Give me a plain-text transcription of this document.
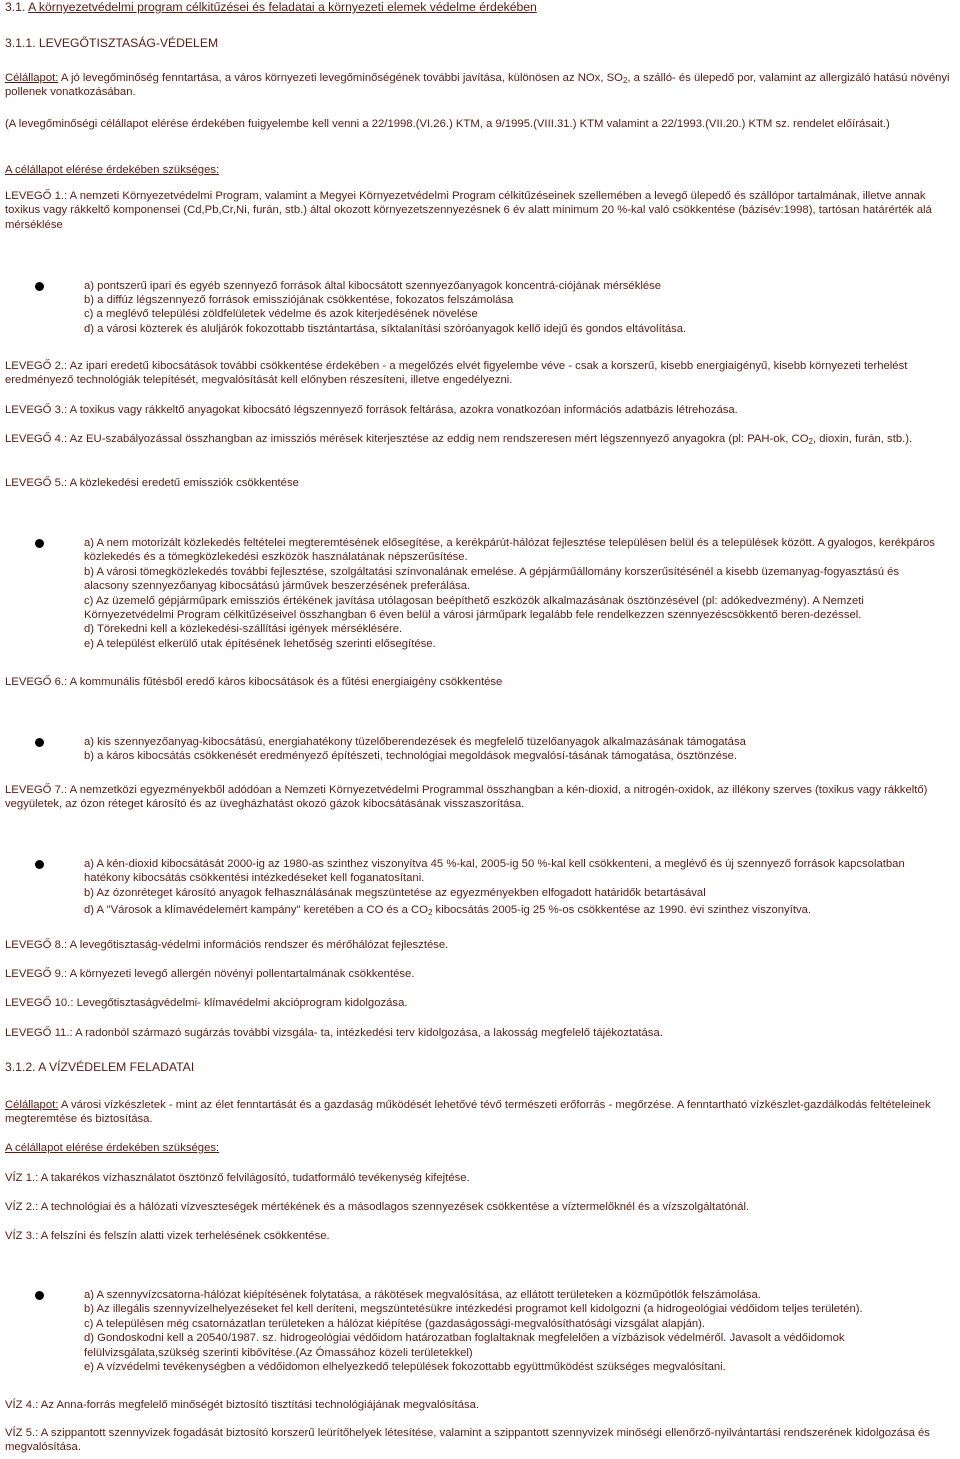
3.1. A környezetvédelmi program célkitűzései és feladatai a környezeti elemek védelme érdekében

3.1.1. LEVEGŐTISZTASÁG-VÉDELEM

Célállapot: A jó levegőminőség fenntartása, a város környezeti levegőminőségének további javítása, különösen az NOx, $SO_2$, a szálló- és ülepedő por, valamint az allergizáló hatású növényi pollenek vonatkozásában.

(A levegőminőségi célállapot elérése érdekében fuigyelembe kell venni a 22/1998.(VI.26.) KTM, a 9/1995.(VIII.31.) KTM valamint a 22/1993.(VII.20.) KTM sz. rendelet előírásait.)

A célállapot elérése érdekében szükséges:

LEVEGŐ 1.: A nemzeti Környezetvédelmi Program, valamint a Megyei Környezetvédelmi Program célkitűzéseinek szellemében a levegő ülepedő és szállópor tartalmának, illetve annak toxikus vagy rákkeltő komponensei (Cd,Pb,Cr,Ni, furán, stb.) által okozott környezetszennyezésnek 6 év alatt minimum 20 %-kal való csökkentése (bázisév:1998), tartósan határérték alá mérséklése

a) pontszerű ipari és egyéb szennyező források által kibocsátott szennyezőanyagok koncentrá-ciójának mérséklése

b) a diffúz légszennyező források emissziójának csökkentése, fokozatos felszámolása

c) a meglévő települési zöldfelületek védelme és azok kiterjedésének növelése

d) a városi közterek és aluljárók fokozottabb tisztántartása, síktalanítási szóróanyagok kellő idejű és gondos eltávolítása.

LEVEGŐ 2.: Az ipari eredetű kibocsátások további csökkentése érdekében - a megelőzés elvét figyelembe véve - csak a korszerű, kisebb energiaigényű, kisebb környezeti terhelést eredményező technológiák telepítését, megvalósítását kell előnyben részesíteni, illetve engedélyezni.

LEVEGŐ 3.: A toxikus vagy rákkeltő anyagokat kibocsátó légszennyező források feltárása, azokra vonatkozóan információs adatbázis létrehozása.

LEVEGŐ 4.: Az EU-szabályozással összhangban az imissziós mérések kiterjesztése az eddig nem rendszeresen mért légszennyező anyagokra (pl: PAH-ok, $CO_2$, dioxin, furán, stb.).

LEVEGŐ 5.: A közlekedési eredetű emissziók csökkentése

a) A nem motorizált közlekedés feltételei megteremtésének elősegítése, a kerékpárút-hálózat fejlesztése településen belül és a települések között. A gyalogos, kerékpáros közlekedés és a tömegközlekedési eszközök használatának népszerűsítése.
b) A városi tömegközlekedés további fejlesztése, szolgáltatási színvonalának emelése. A gépjárműállomány korszerűsítésénél a kisebb üzemanyag-fogyasztású és alacsony szennyezőanyag kibocsátású járművek beszerzésének preferálása.
c) Az üzemelő gépjárműpark emissziós értékének javítása utólagosan beépíthető eszközök alkalmazásának ösztönzésével (pl: adókedvezmény). A Nemzeti Környezetvédelmi Program célkitűzéseivel összhangban 6 éven belül a városi járműpark legalább fele rendelkezzen szennyezéscsökkentő beren-dezéssel.
d) Törekedni kell a közlekedési-szállítási igények mérséklésére.
e) A települést elkerülő utak építésének lehetőség szerinti elősegítése.

LEVEGŐ 6.: A kommunális fűtésből eredő káros kibocsátások és a fűtési energiaigény csökkentése

a) kis szennyezőanyag-kibocsátású, energiahatékony tüzelőberendezések és megfelelő tüzelőanyagok alkalmazásának támogatása
b) a káros kibocsátás csökkenését eredményező építészeti, technológiai megoldások megvalósí-tásának támogatása, ösztönzése.

LEVEGŐ 7.: A nemzetközi egyezményekből adódóan a Nemzeti Környezetvédelmi Programmal összhangban a kén-dioxid, a nitrogén-oxidok, az illékony szerves (toxikus vagy rákkeltő) vegyületek, az ózon réteget károsító és az üvegházhatást okozó gázok kibocsátásának visszaszorítása.

a) A kén-dioxid kibocsátását 2000-ig az 1980-as szinthez viszonyítva 45 %-kal, 2005-ig 50 %-kal kell csökkenteni, a meglévő és új szennyező források kapcsolatban hatékony kibocsátás csökkentési intézkedéseket kell foganatosítani.
b) Az ózonréteget károsító anyagok felhasználásának megszüntetése az egyezményekben elfogadott határidők betartásával

d) A "Városok a klímavédelemért kampány" keretében a CO és a $CO_2$ kibocsátás 2005-ig 25 %-os csökkentése az 1990. évi szinthez viszonyítva.

LEVEGŐ 8.: A levegőtisztaság-védelmi információs rendszer és mérőhálózat fejlesztése.

LEVEGŐ 9.: A környezeti levegő allergén növényi pollentartalmának csökkentése.

LEVEGŐ 10.: Levegőtisztaságvédelmi- klímavédelmi akcióprogram kidolgozása.

LEVEGŐ 11.: A radonból származó sugárzás további vizsgála- ta, intézkedési terv kidolgozása, a lakosság megfelelő tájékoztatása.

3.1.2. A VÍZVÉDELEM FELADATAI

Célállapot: A városi vízkészletek - mint az élet fenntartását és a gazdaság működését lehetővé tévő természeti erőforrás - megőrzése. A fenntartható vízkészlet-gazdálkodás feltételeinek megteremtése és biztosítása.

A célállapot elérése érdekében szükséges:

VÍZ 1.: A takarékos vízhasználatot ösztönző felvilágosító, tudatformáló tevékenység kifejtése.

VÍZ 2.: A technológiai és a hálózati vízveszteségek mértékének és a másodlagos szennyezések csökkentése a víztermelőknél és a vízszolgáltatónál.

VÍZ 3.: A felszíni és felszín alatti vizek terhelésének csökkentése.

a) A szennyvízcsatorna-hálózat kiépítésének folytatása, a rákötések megvalósítása, az ellátott területeken a közműpótlók felszámolása.
b) Az illegális szennyvízelhelyezéseket fel kell deríteni, megszüntetésükre intézkedési programot kell kidolgozni (a hidrogeológiai védőidom teljes területén).
c) A településen még csatornázatlan területeken a hálózat kiépítése (gazdaságossági-megvalósíthatósági vizsgálat alapján).
d) Gondoskodni kell a 20540/1987. sz. hidrogeológiai védőidom határozatban foglaltaknak megfelelően a vízbázisok védelméről. Javasolt a védőidomok felülvizsgálata,szükség szerinti kibővítése.(Az Ómassához közeli területekkel)
e) A vízvédelmi tevékenységben a védőidomon elhelyezkedő települések fokozottabb együttműködést szükséges megvalósítani.

VÍZ 4.: Az Anna-forrás megfelelő minőségét biztosító tisztítási technológiájának megvalósítása.

VÍZ 5.: A szippantott szennyvizek fogadását biztosító korszerű leürítőhelyek létesítése, valamint a szippantott szennyvizek minőségi ellenőrző-nyilvántartási rendszerének kidolgozása és megvalósítása.
